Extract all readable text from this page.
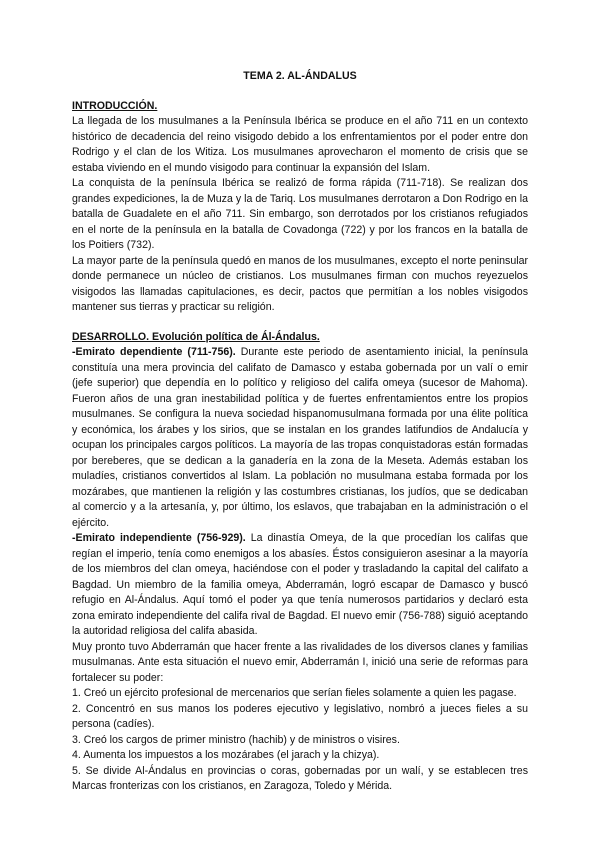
TEMA 2. AL-ÁNDALUS
INTRODUCCIÓN.

La llegada de los musulmanes a la Península Ibérica se produce en el año 711 en un contexto histórico de decadencia del reino visigodo debido a los enfrentamientos por el poder entre don Rodrigo y el clan de los Witiza. Los musulmanes aprovecharon el momento de crisis que se estaba viviendo en el mundo visigodo para continuar la expansión del Islam.

La conquista de la península Ibérica se realizó de forma rápida (711-718). Se realizan dos grandes expediciones, la de Muza y la de Tariq. Los musulmanes derrotaron a Don Rodrigo en la batalla de Guadalete en el año 711. Sin embargo, son derrotados por los cristianos refugiados en el norte de la península en la batalla de Covadonga (722) y por los francos en la batalla de los Poitiers (732).

La mayor parte de la península quedó en manos de los musulmanes, excepto el norte peninsular donde permanece un núcleo de cristianos. Los musulmanes firman con muchos reyezuelos visigodos las llamadas capitulaciones, es decir, pactos que permitían a los nobles visigodos mantener sus tierras y practicar su religión.

DESARROLLO. Evolución política de Ál-Ándalus.

-Emirato dependiente (711-756). Durante este periodo de asentamiento inicial, la península constituía una mera provincia del califato de Damasco y estaba gobernada por un valí o emir (jefe superior) que dependía en lo político y religioso del califa omeya (sucesor de Mahoma). Fueron años de una gran inestabilidad política y de fuertes enfrentamientos entre los propios musulmanes. Se configura la nueva sociedad hispanomusulmana formada por una élite política y económica, los árabes y los sirios, que se instalan en los grandes latifundios de Andalucía y ocupan los principales cargos políticos. La mayoría de las tropas conquistadoras están formadas por bereberes, que se dedican a la ganadería en la zona de la Meseta. Además estaban los muladíes, cristianos convertidos al Islam. La población no musulmana estaba formada por los mozárabes, que mantienen la religión y las costumbres cristianas, los judíos, que se dedicaban al comercio y a la artesanía, y, por último, los eslavos, que trabajaban en la administración o el ejército.

-Emirato independiente (756-929). La dinastía Omeya, de la que procedían los califas que regían el imperio, tenía como enemigos a los abasíes. Éstos consiguieron asesinar a la mayoría de los miembros del clan omeya, haciéndose con el poder y trasladando la capital del califato a Bagdad. Un miembro de la familia omeya, Abderramán, logró escapar de Damasco y buscó refugio en Al-Ándalus. Aquí tomó el poder ya que tenía numerosos partidarios y declaró esta zona emirato independiente del califa rival de Bagdad. El nuevo emir (756-788) siguió aceptando la autoridad religiosa del califa abasida.

Muy pronto tuvo Abderramán que hacer frente a las rivalidades de los diversos clanes y familias musulmanas. Ante esta situación el nuevo emir, Abderramán I, inició una serie de reformas para fortalecer su poder:

1. Creó un ejército profesional de mercenarios que serían fieles solamente a quien les pagase.

2. Concentró en sus manos los poderes ejecutivo y legislativo, nombró a jueces fieles a su persona (cadíes).

3. Creó los cargos de primer ministro (hachib) y de ministros o visires.

4. Aumenta los impuestos a los mozárabes (el jarach y la chizya).

5. Se divide Al-Ándalus en provincias o coras, gobernadas por un walí, y se establecen tres Marcas fronterizas con los cristianos, en Zaragoza, Toledo y Mérida.
